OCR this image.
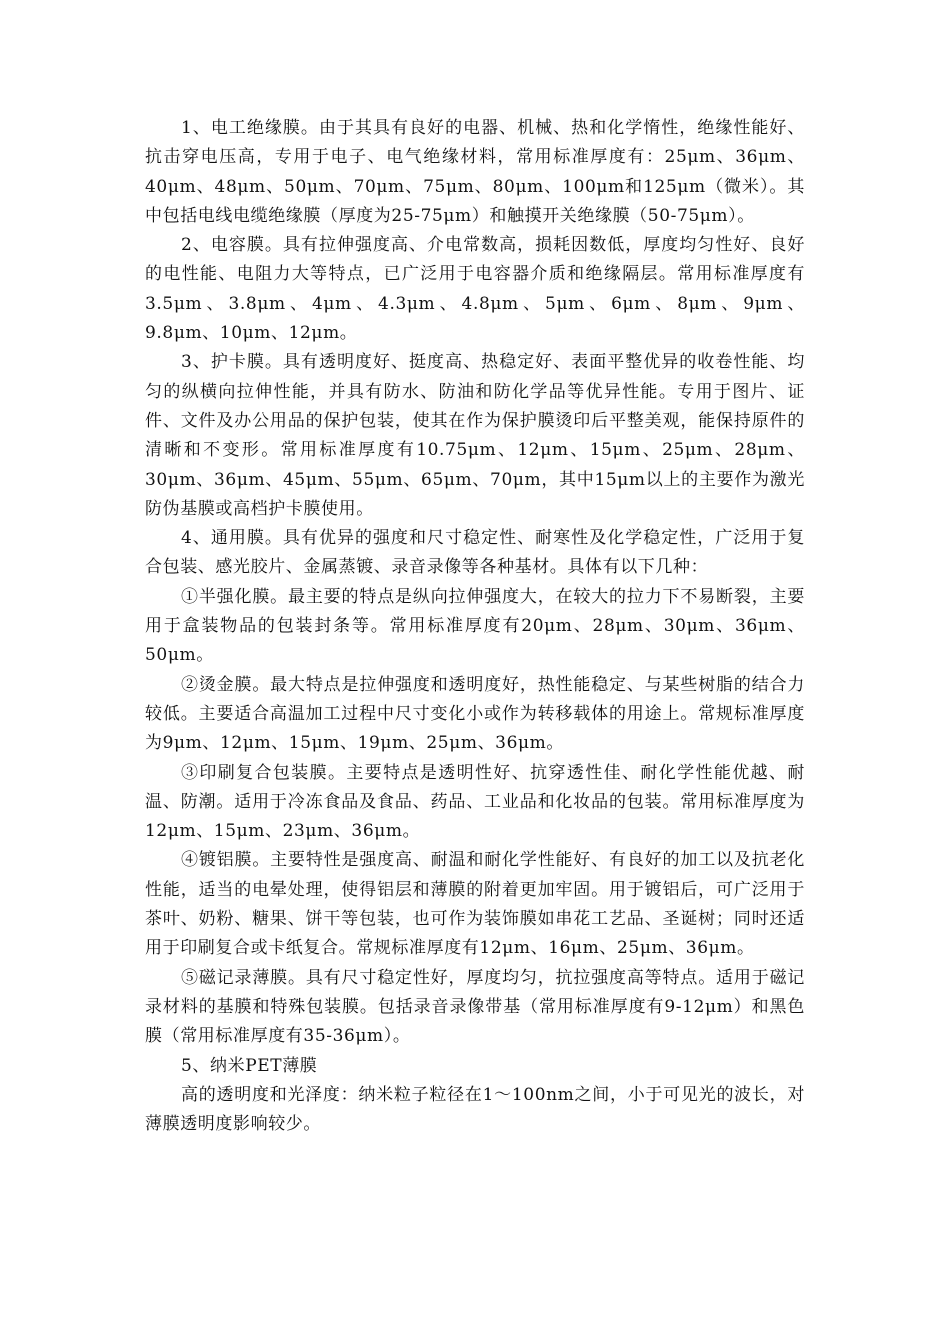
1、电工绝缘膜。由于其具有良好的电器、机械、热和化学惰性，绝缘性能好、抗击穿电压高，专用于电子、电气绝缘材料，常用标准厚度有：25μm、36μm、40μm、48μm、50μm、70μm、75μm、80μm、100μm和125μm（微米）。其中包括电线电缆绝缘膜（厚度为25-75μm）和触摸开关绝缘膜（50-75μm）。

2、电容膜。具有拉伸强度高、介电常数高，损耗因数低，厚度均匀性好、良好的电性能、电阻力大等特点，已广泛用于电容器介质和绝缘隔层。常用标准厚度有3.5μm、3.8μm、4μm、4.3μm、4.8μm、5μm、6μm、8μm、9μm、9.8μm、10μm、12μm。

3、护卡膜。具有透明度好、挺度高、热稳定好、表面平整优异的收卷性能、均匀的纵横向拉伸性能，并具有防水、防油和防化学品等优异性能。专用于图片、证件、文件及办公用品的保护包装，使其在作为保护膜烫印后平整美观，能保持原件的清晰和不变形。常用标准厚度有10.75μm、12μm、15μm、25μm、28μm、30μm、36μm、45μm、55μm、65μm、70μm，其中15μm以上的主要作为激光防伪基膜或高档护卡膜使用。

4、通用膜。具有优异的强度和尺寸稳定性、耐寒性及化学稳定性，广泛用于复合包装、感光胶片、金属蒸镀、录音录像等各种基材。具体有以下几种：

①半强化膜。最主要的特点是纵向拉伸强度大，在较大的拉力下不易断裂，主要用于盒装物品的包装封条等。常用标准厚度有20μm、28μm、30μm、36μm、50μm。

②烫金膜。最大特点是拉伸强度和透明度好，热性能稳定、与某些树脂的结合力较低。主要适合高温加工过程中尺寸变化小或作为转移载体的用途上。常规标准厚度为9μm、12μm、15μm、19μm、25μm、36μm。

③印刷复合包装膜。主要特点是透明性好、抗穿透性佳、耐化学性能优越、耐温、防潮。适用于冷冻食品及食品、药品、工业品和化妆品的包装。常用标准厚度为12μm、15μm、23μm、36μm。

④镀铝膜。主要特性是强度高、耐温和耐化学性能好、有良好的加工以及抗老化性能，适当的电晕处理，使得铝层和薄膜的附着更加牢固。用于镀铝后，可广泛用于茶叶、奶粉、糖果、饼干等包装，也可作为装饰膜如串花工艺品、圣诞树；同时还适用于印刷复合或卡纸复合。常规标准厚度有12μm、16μm、25μm、36μm。

⑤磁记录薄膜。具有尺寸稳定性好，厚度均匀，抗拉强度高等特点。适用于磁记录材料的基膜和特殊包装膜。包括录音录像带基（常用标准厚度有9-12μm）和黑色膜（常用标准厚度有35-36μm）。

5、纳米PET薄膜

高的透明度和光泽度：纳米粒子粒径在1～100nm之间，小于可见光的波长，对薄膜透明度影响较少。
